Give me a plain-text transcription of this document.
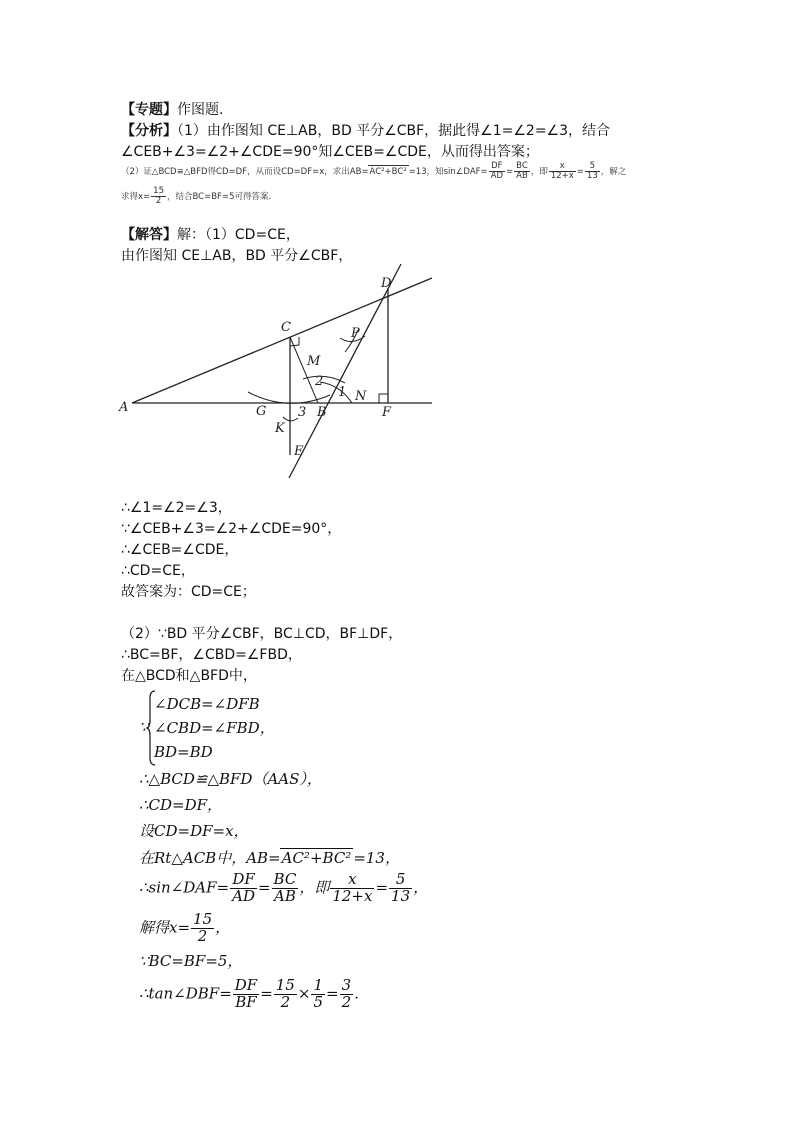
【专题】作图题.
【分析】（1）由作图知 CE⊥AB，BD 平分∠CBF，据此得∠1=∠2=∠3，结合
∠CEB+∠3=∠2+∠CDE=90°知∠CEB=∠CDE，从而得出答案；
（2）证△BCD≌△BFD得CD=DF，从而设CD=DF=x，求出AB=AC²+BC² =13，知sin∠DAF= $\frac{DF}{AD} = \frac{BC}{AB}$ ，即 $\frac{x}{12+x} = \frac{5}{13}$ ，解之
求得$x= \frac{15}{2}$ ，结合BC=BF=5可得答案．
【解答】解：（1）CD=CE，
由作图知 CE⊥AB，BD 平分∠CBF，
A	B
C
D
E
F
G
K
M
N
P
1
2
3
∴∠1=∠2=∠3，
∵∠CEB+∠3=∠2+∠CDE=90°，
∴∠CEB=∠CDE，
∴CD=CE，
故答案为：CD=CE；
（2）∵BD 平分∠CBF，BC⊥CD，BF⊥DF，
∴BC=BF，∠CBD=∠FBD，
在△BCD和△BFD中，
∵
∠DCB=∠DFB
∠CBD=∠FBD，
BD=BD
∴△BCD≌△BFD（AAS），
∴CD=DF，
设CD=DF=x，
在Rt△ACB中，AB=AC²+BC² =13，
∴sin∠DAF= $\frac{DF}{AD} = \frac{BC}{AB}$ ，即 $\frac{x}{12+x} = \frac{5}{13}$ ，
解得$x= \frac{15}{2}$ ，
∵BC=BF=5，
∴tan∠DBF= $\frac{DF}{BF} = \frac{15}{2} \times \frac{1}{5} = \frac{3}{2}$ ．
